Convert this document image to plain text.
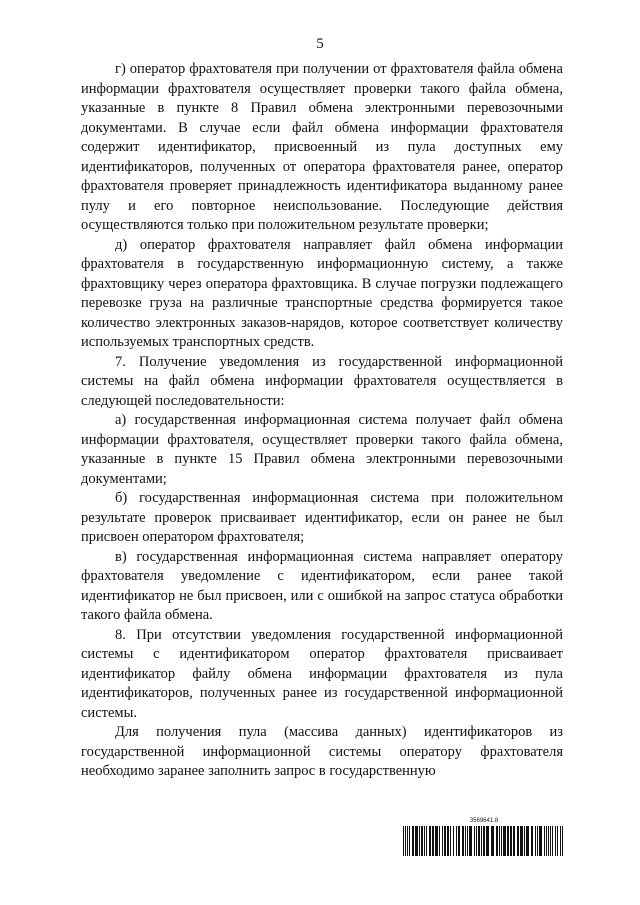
5

г) оператор фрахтователя при получении от фрахтователя файла обмена информации фрахтователя осуществляет проверки такого файла обмена, указанные в пункте 8 Правил обмена электронными перевозочными документами. В случае если файл обмена информации фрахтователя содержит идентификатор, присвоенный из пула доступных ему идентификаторов, полученных от оператора фрахтователя ранее, оператор фрахтователя проверяет принадлежность идентификатора выданному ранее пулу и его повторное неиспользование. Последующие действия осуществляются только при положительном результате проверки;

д) оператор фрахтователя направляет файл обмена информации фрахтователя в государственную информационную систему, а также фрахтовщику через оператора фрахтовщика. В случае погрузки подлежащего перевозке груза на различные транспортные средства формируется такое количество электронных заказов-нарядов, которое соответствует количеству используемых транспортных средств.

7. Получение уведомления из государственной информационной системы на файл обмена информации фрахтователя осуществляется в следующей последовательности:

а) государственная информационная система получает файл обмена информации фрахтователя, осуществляет проверки такого файла обмена, указанные в пункте 15 Правил обмена электронными перевозочными документами;

б) государственная информационная система при положительном результате проверок присваивает идентификатор, если он ранее не был присвоен оператором фрахтователя;

в) государственная информационная система направляет оператору фрахтователя уведомление с идентификатором, если ранее такой идентификатор не был присвоен, или с ошибкой на запрос статуса обработки такого файла обмена.

8. При отсутствии уведомления государственной информационной системы с идентификатором оператор фрахтователя присваивает идентификатор файлу обмена информации фрахтователя из пула идентификаторов, полученных ранее из государственной информационной системы.

Для получения пула (массива данных) идентификаторов из государственной информационной системы оператору фрахтователя необходимо заранее заполнить запрос в государственную

3569641.8
